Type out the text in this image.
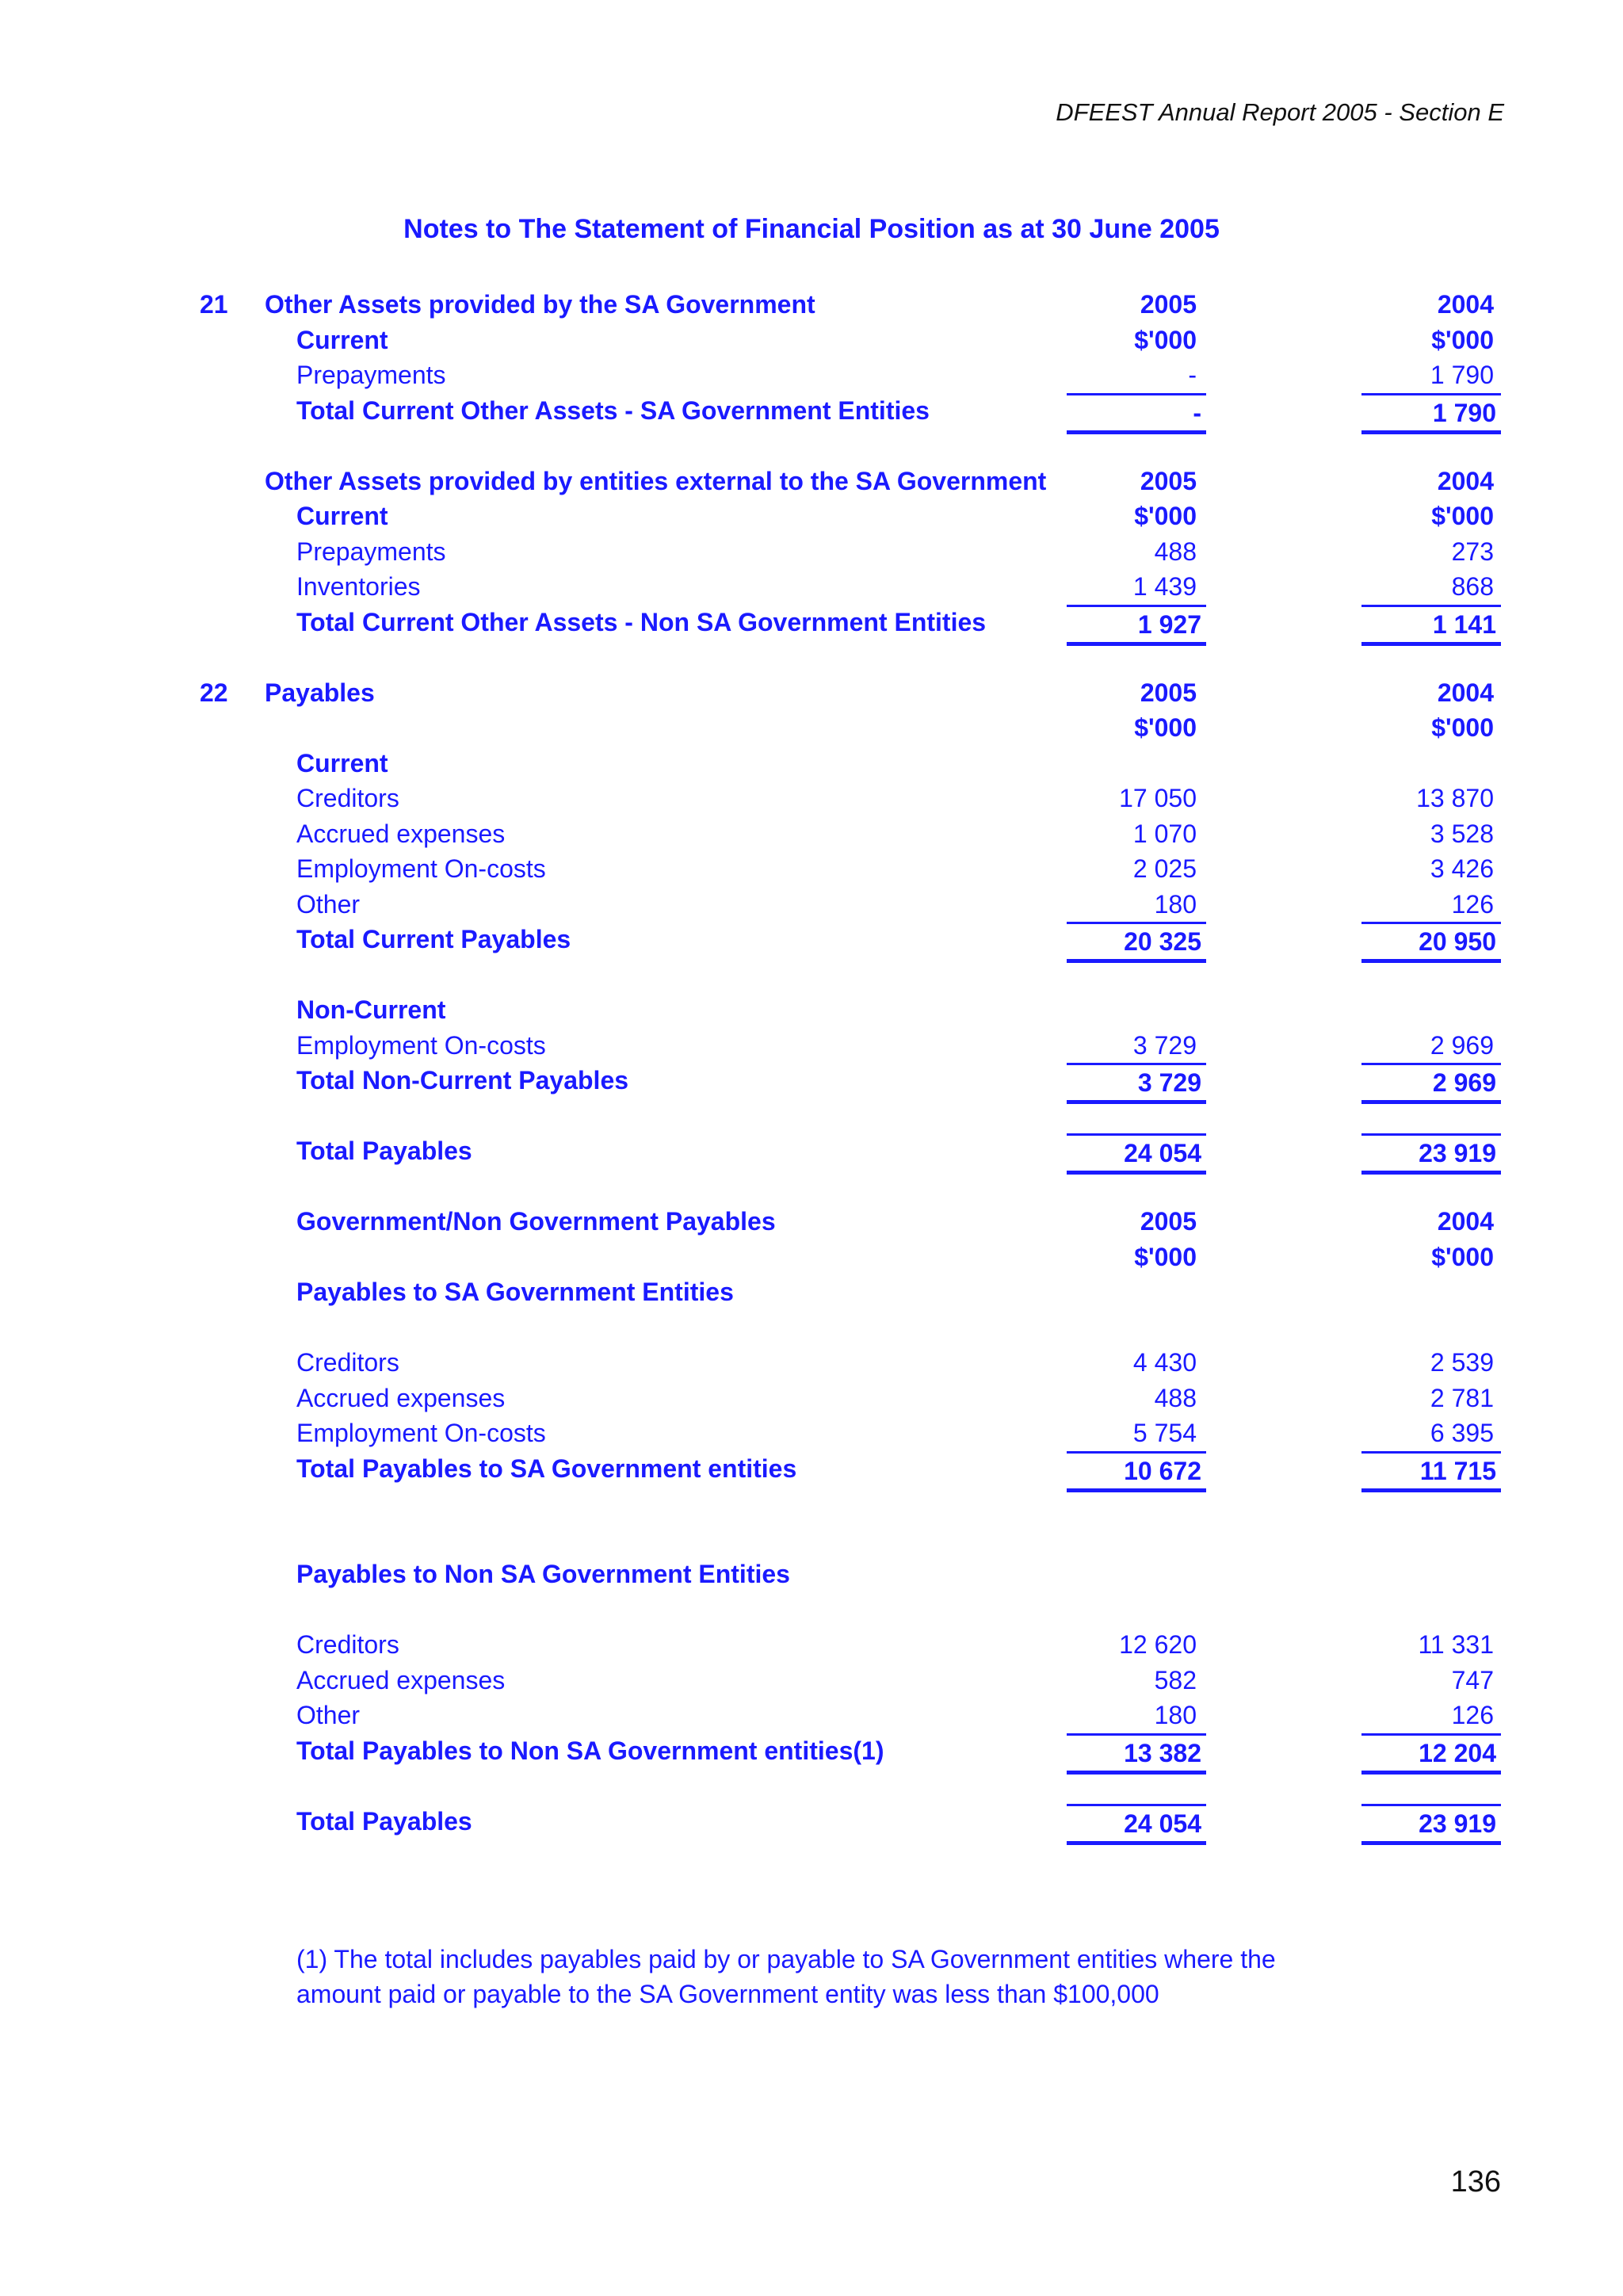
DFEEST Annual Report 2005 - Section E
Notes to The Statement of Financial Position as at 30 June 2005
21	Other Assets provided by the SA Government	2005	2004
Current	$'000	$'000
Prepayments	-	1 790
Total Current Other Assets - SA Government Entities	-	1 790
Other Assets provided by entities external to the SA Government	2005	2004
Current	$'000	$'000
Prepayments	488	273
Inventories	1 439	868
Total Current Other Assets - Non SA Government Entities	1 927	1 141
22	Payables	2005	2004
$'000	$'000
Current
Creditors	17 050	13 870
Accrued expenses	1 070	3 528
Employment On-costs	2 025	3 426
Other	180	126
Total Current Payables	20 325	20 950
Non-Current
Employment On-costs	3 729	2 969
Total Non-Current Payables	3 729	2 969
Total Payables	24 054	23 919
Government/Non Government Payables	2005	2004
$'000	$'000
Payables to SA Government Entities
Creditors	4 430	2 539
Accrued expenses	488	2 781
Employment On-costs	5 754	6 395
Total Payables to SA Government entities	10 672	11 715
Payables to Non SA Government Entities
Creditors	12 620	11 331
Accrued expenses	582	747
Other	180	126
Total Payables to Non SA Government entities(1)	13 382	12 204
Total Payables	24 054	23 919
(1) The total includes payables paid by or payable to SA Government entities where the
amount paid or payable to the SA Government entity was less than $100,000
136
